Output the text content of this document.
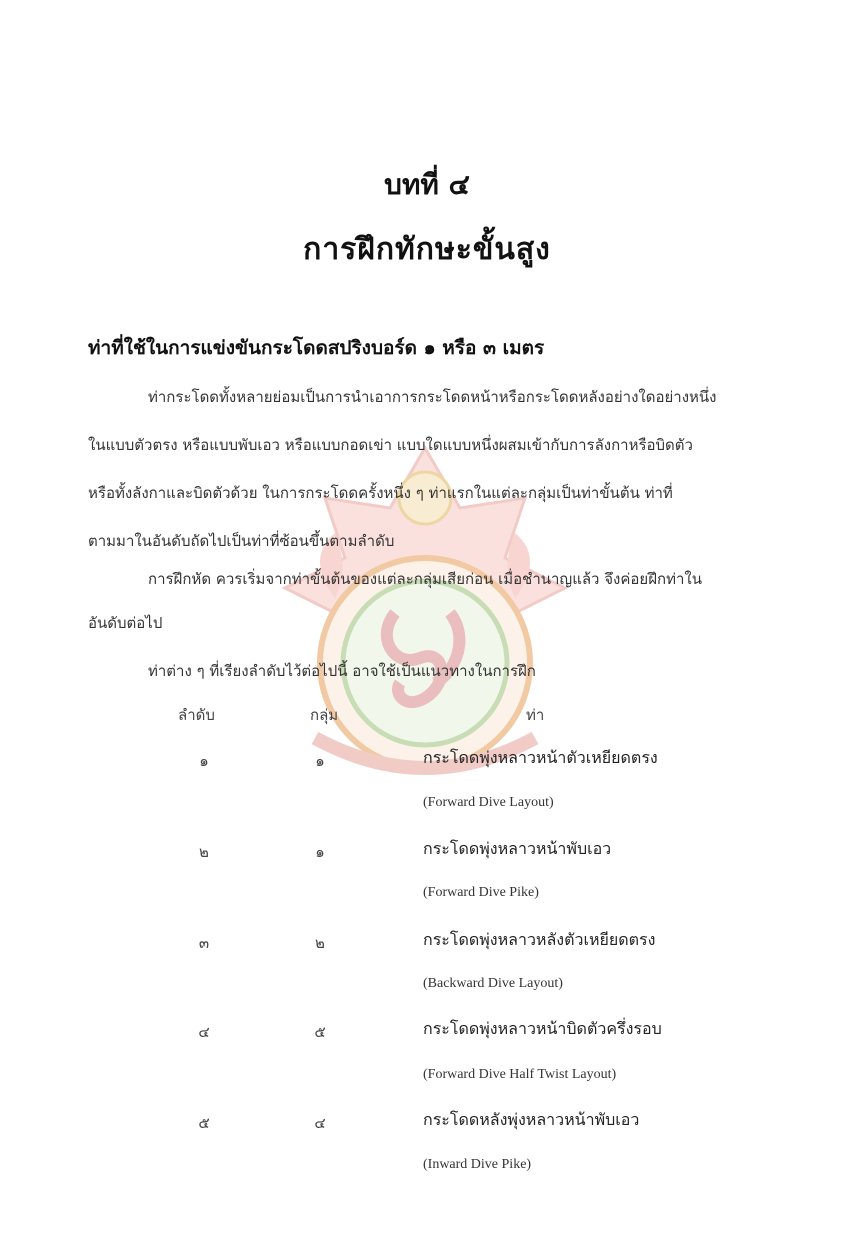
บทที่ ๔
การฝึกทักษะขั้นสูง
ท่าที่ใช้ในการแข่งขันกระโดดสปริงบอร์ด ๑ หรือ ๓ เมตร
ท่ากระโดดทั้งหลายย่อมเป็นการนำเอาการกระโดดหน้าหรือกระโดดหลังอย่างใดอย่างหนึ่ง
ในแบบตัวตรง หรือแบบพับเอว หรือแบบกอดเข่า แบบใดแบบหนึ่งผสมเข้ากับการลังกาหรือบิดตัว
หรือทั้งลังกาและบิดตัวด้วย ในการกระโดดครั้งหนึ่ง ๆ ท่าแรกในแต่ละกลุ่มเป็นท่าขั้นต้น ท่าที่
ตามมาในอันดับถัดไปเป็นท่าที่ซ้อนขึ้นตามลำดับ
การฝึกหัด ควรเริ่มจากท่าขั้นต้นของแต่ละกลุ่มเสียก่อน เมื่อชำนาญแล้ว จึงค่อยฝึกท่าใน
อันดับต่อไป
ท่าต่าง ๆ ที่เรียงลำดับไว้ต่อไปนี้ อาจใช้เป็นแนวทางในการฝึก
ลำดับ	กลุ่ม	ท่า
๑	๑	กระโดดพุ่งหลาวหน้าตัวเหยียดตรง
(Forward Dive Layout)
๒	๑	กระโดดพุ่งหลาวหน้าพับเอว
(Forward Dive Pike)
๓	๒	กระโดดพุ่งหลาวหลังตัวเหยียดตรง
(Backward Dive Layout)
๔	๕	กระโดดพุ่งหลาวหน้าบิดตัวครึ่งรอบ
(Forward Dive Half Twist Layout)
๕	๔	กระโดดหลังพุ่งหลาวหน้าพับเอว
(Inward Dive Pike)
